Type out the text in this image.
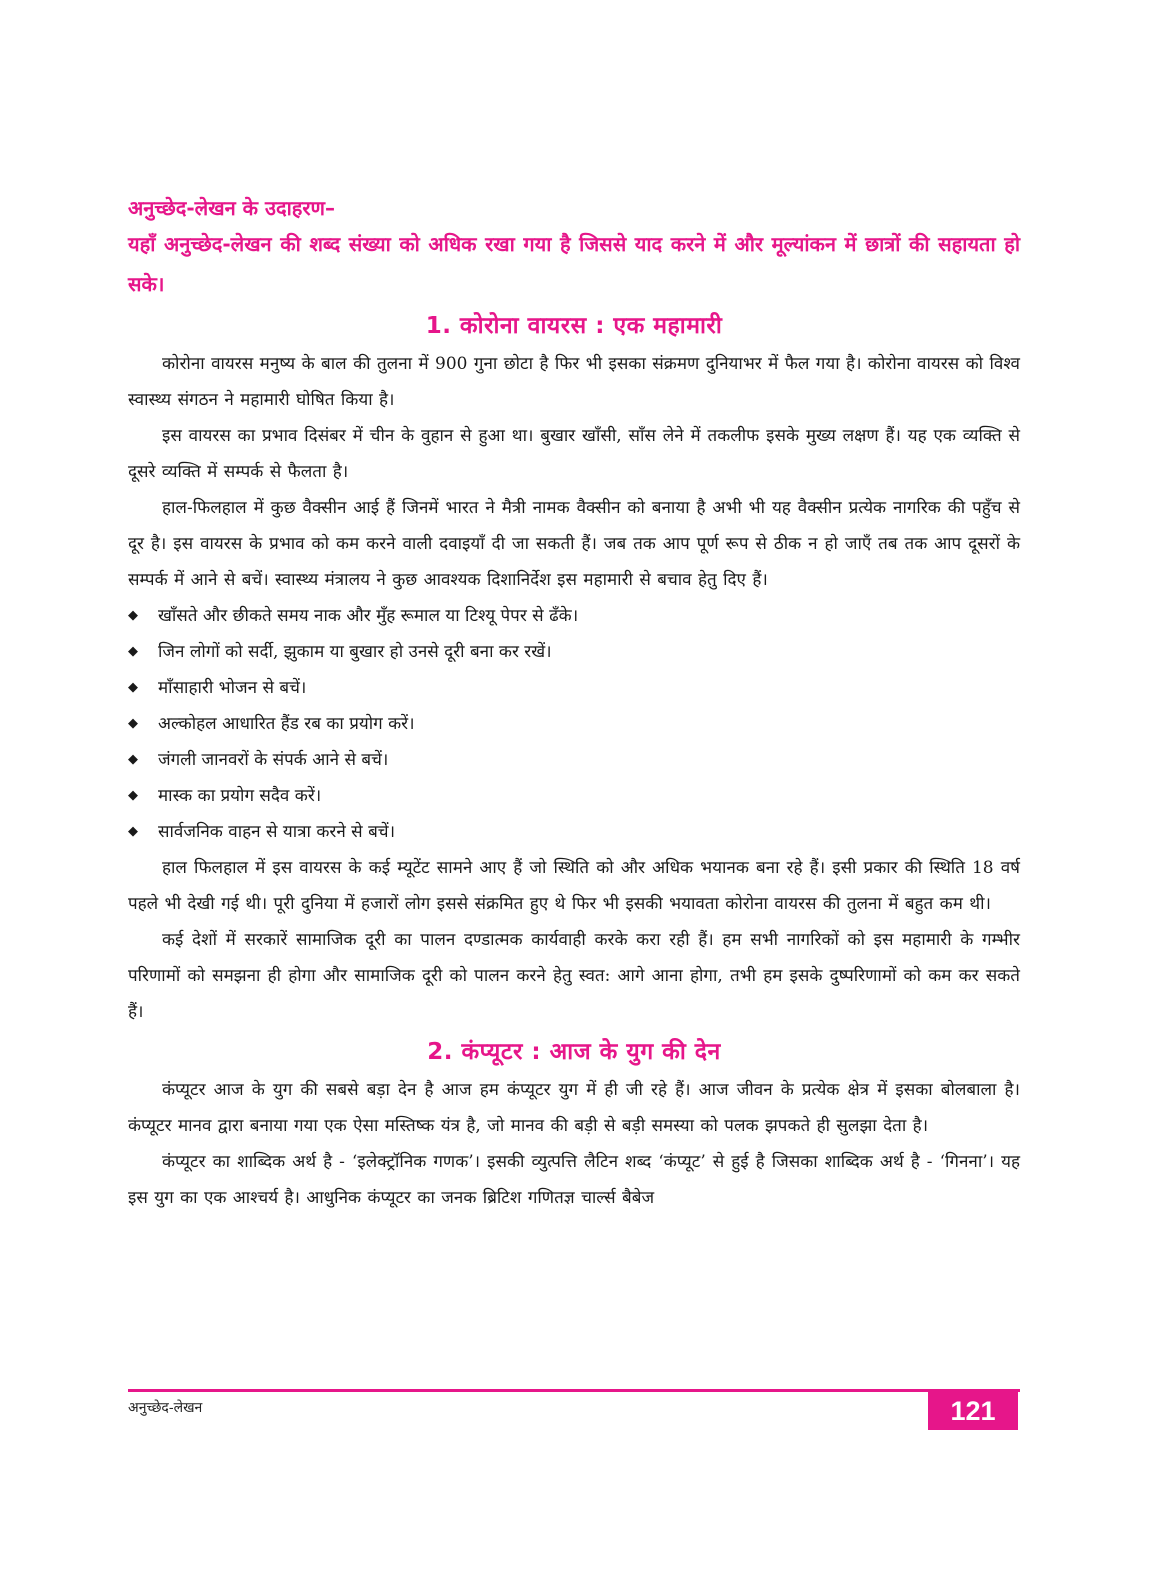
अनुच्छेद-लेखन के उदाहरण–

यहाँ अनुच्छेद-लेखन की शब्द संख्या को अधिक रखा गया है जिससे याद करने में और मूल्यांकन में छात्रों की सहायता हो सके।

1. कोरोना वायरस : एक महामारी

कोरोना वायरस मनुष्य के बाल की तुलना में 900 गुना छोटा है फिर भी इसका संक्रमण दुनियाभर में फैल गया है। कोरोना वायरस को विश्व स्वास्थ्य संगठन ने महामारी घोषित किया है।

इस वायरस का प्रभाव दिसंबर में चीन के वुहान से हुआ था। बुखार खाँसी, साँस लेने में तकलीफ इसके मुख्य लक्षण हैं। यह एक व्यक्ति से दूसरे व्यक्ति में सम्पर्क से फैलता है।

हाल-फिलहाल में कुछ वैक्सीन आई हैं जिनमें भारत ने मैत्री नामक वैक्सीन को बनाया है अभी भी यह वैक्सीन प्रत्येक नागरिक की पहुँच से दूर है। इस वायरस के प्रभाव को कम करने वाली दवाइयाँ दी जा सकती हैं। जब तक आप पूर्ण रूप से ठीक न हो जाएँ तब तक आप दूसरों के सम्पर्क में आने से बचें। स्वास्थ्य मंत्रालय ने कुछ आवश्यक दिशानिर्देश इस महामारी से बचाव हेतु दिए हैं।

◆	खाँसते और छीकते समय नाक और मुँह रूमाल या टिश्यू पेपर से ढँके।
◆	जिन लोगों को सर्दी, झुकाम या बुखार हो उनसे दूरी बना कर रखें।
◆	माँसाहारी भोजन से बचें।
◆	अल्कोहल आधारित हैंड रब का प्रयोग करें।
◆	जंगली जानवरों के संपर्क आने से बचें।
◆	मास्क का प्रयोग सदैव करें।
◆	सार्वजनिक वाहन से यात्रा करने से बचें।

हाल फिलहाल में इस वायरस के कई म्यूटेंट सामने आए हैं जो स्थिति को और अधिक भयानक बना रहे हैं। इसी प्रकार की स्थिति 18 वर्ष पहले भी देखी गई थी। पूरी दुनिया में हजारों लोग इससे संक्रमित हुए थे फिर भी इसकी भयावता कोरोना वायरस की तुलना में बहुत कम थी।

कई देशों में सरकारें सामाजिक दूरी का पालन दण्डात्मक कार्यवाही करके करा रही हैं। हम सभी नागरिकों को इस महामारी के गम्भीर परिणामों को समझना ही होगा और सामाजिक दूरी को पालन करने हेतु स्वत: आगे आना होगा, तभी हम इसके दुष्परिणामों को कम कर सकते हैं।

2. कंप्यूटर : आज के युग की देन

कंप्यूटर आज के युग की सबसे बड़ा देन है आज हम कंप्यूटर युग में ही जी रहे हैं। आज जीवन के प्रत्येक क्षेत्र में इसका बोलबाला है। कंप्यूटर मानव द्वारा बनाया गया एक ऐसा मस्तिष्क यंत्र है, जो मानव की बड़ी से बड़ी समस्या को पलक झपकते ही सुलझा देता है।

कंप्यूटर का शाब्दिक अर्थ है - ‘इलेक्ट्रॉनिक गणक’। इसकी व्युत्पत्ति लैटिन शब्द ‘कंप्यूट’ से हुई है जिसका शाब्दिक अर्थ है - ‘गिनना’। यह इस युग का एक आश्चर्य है। आधुनिक कंप्यूटर का जनक ब्रिटिश गणितज्ञ चार्ल्स बैबेज

अनुच्छेद-लेखन	121
